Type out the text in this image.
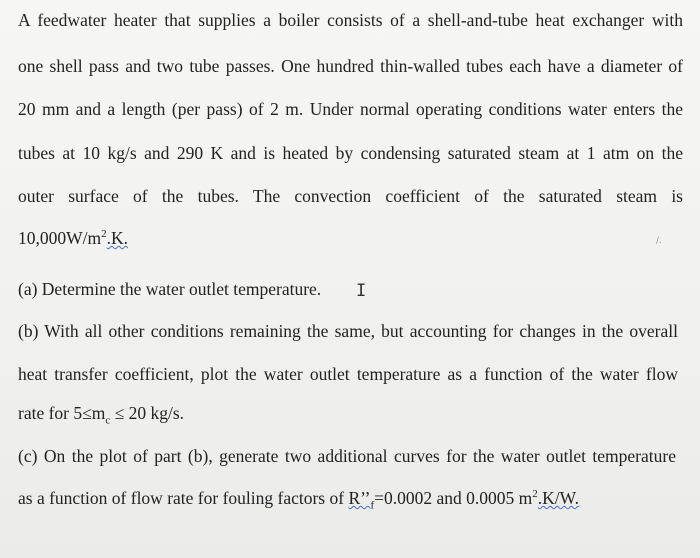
A feedwater heater that supplies a boiler consists of a shell-and-tube heat exchanger with
one shell pass and two tube passes. One hundred thin-walled tubes each have a diameter of
20 mm and a length (per pass) of 2 m. Under normal operating conditions water enters the
tubes at 10 kg/s and 290 K and is heated by condensing saturated steam at 1 atm on the
outer surface of the tubes. The convection coefficient of the saturated steam is
$10,000W/m^2.K$.	/.
(a) Determine the water outlet temperature. I
(b) With all other conditions remaining the same, but accounting for changes in the overall
heat transfer coefficient, plot the water outlet temperature as a function of the water flow
rate for $5\le m_c \le 20$ kg/s.
(c) On the plot of part (b), generate two additional curves for the water outlet temperature
as a function of flow rate for fouling factors of $R’’_f=0.0002$ and 0.0005 $m^2.K/W$.
